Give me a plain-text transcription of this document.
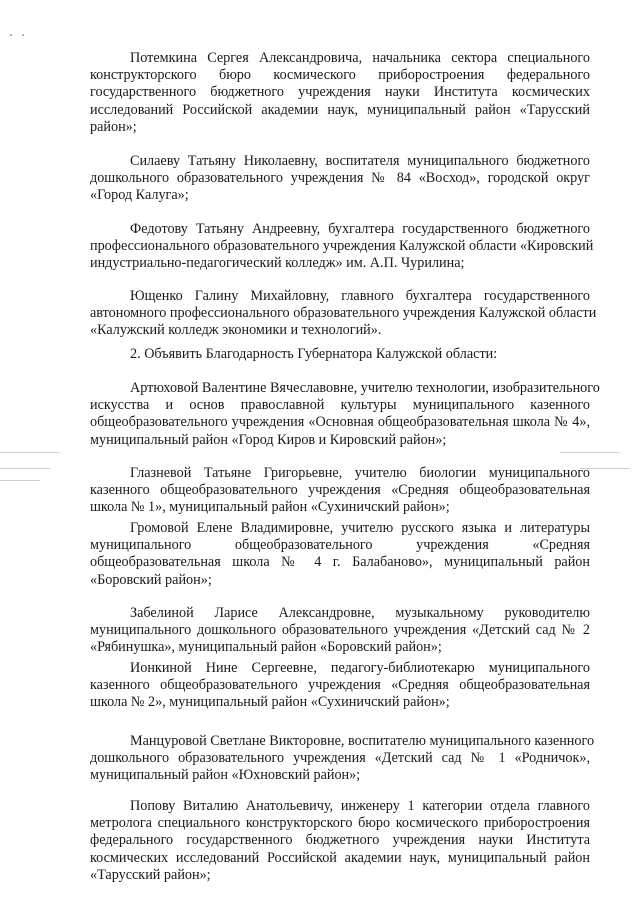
Потемкина Сергея Александровича, начальника сектора специального
конструкторского бюро космического приборостроения федерального
государственного бюджетного учреждения науки Института космических
исследований Российской академии наук, муниципальный район «Тарусский
район»;
Силаеву Татьяну Николаевну, воспитателя муниципального бюджетного
дошкольного образовательного учреждения № 84 «Восход», городской округ
«Город Калуга»;
Федотову Татьяну Андреевну, бухгалтера государственного бюджетного
профессионального образовательного учреждения Калужской области «Кировский
индустриально-педагогический колледж» им. А.П. Чурилина;
Ющенко Галину Михайловну, главного бухгалтера государственного
автономного профессионального образовательного учреждения Калужской области
«Калужский колледж экономики и технологий».
2. Объявить Благодарность Губернатора Калужской области:
Артюховой Валентине Вячеславовне, учителю технологии, изобразительного
искусства и основ православной культуры муниципального казенного
общеобразовательного учреждения «Основная общеобразовательная школа № 4»,
муниципальный район «Город Киров и Кировский район»;
Глазневой Татьяне Григорьевне, учителю биологии муниципального
казенного общеобразовательного учреждения «Средняя общеобразовательная
школа № 1», муниципальный район «Сухиничский район»;
Громовой Елене Владимировне, учителю русского языка и литературы
муниципального общеобразовательного учреждения «Средняя
общеобразовательная школа № 4 г. Балабаново», муниципальный район
«Боровский район»;
Забелиной Ларисе Александровне, музыкальному руководителю
муниципального дошкольного образовательного учреждения «Детский сад № 2
«Рябинушка», муниципальный район «Боровский район»;
Ионкиной Нине Сергеевне, педагогу-библиотекарю муниципального
казенного общеобразовательного учреждения «Средняя общеобразовательная
школа № 2», муниципальный район «Сухиничский район»;
Манцуровой Светлане Викторовне, воспитателю муниципального казенного
дошкольного образовательного учреждения «Детский сад № 1 «Родничок»,
муниципальный район «Юхновский район»;
Попову Виталию Анатольевичу, инженеру 1 категории отдела главного
метролога специального конструкторского бюро космического приборостроения
федерального государственного бюджетного учреждения науки Института
космических исследований Российской академии наук, муниципальный район
«Тарусский район»;
